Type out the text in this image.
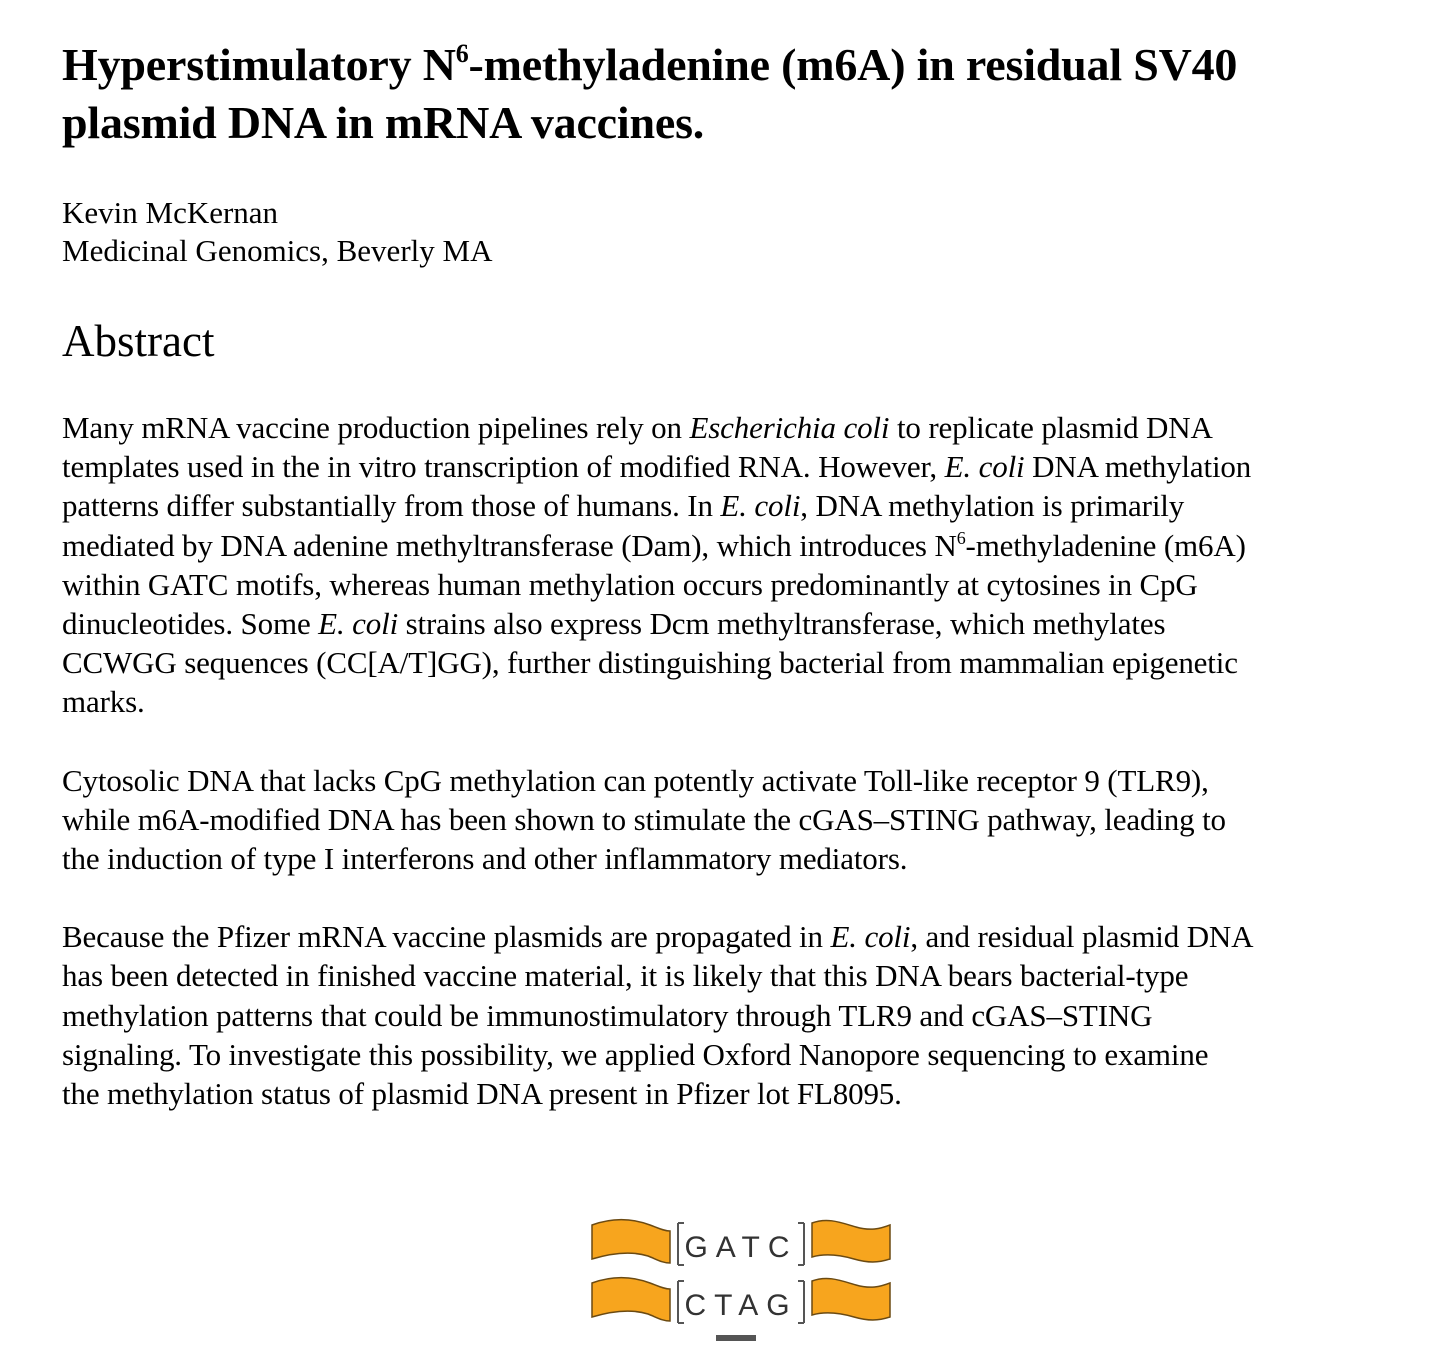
Hyperstimulatory $N^6$-methyladenine (m6A) in residual SV40
plasmid DNA in mRNA vaccines.
Kevin McKernan
Medicinal Genomics, Beverly MA
Abstract

Many mRNA vaccine production pipelines rely on Escherichia coli to replicate plasmid DNA
templates used in the in vitro transcription of modified RNA. However, E. coli DNA methylation
patterns differ substantially from those of humans. In E. coli, DNA methylation is primarily
mediated by DNA adenine methyltransferase (Dam), which introduces $N^6$-methyladenine (m6A)
within GATC motifs, whereas human methylation occurs predominantly at cytosines in CpG
dinucleotides. Some E. coli strains also express Dcm methyltransferase, which methylates
CCWGG sequences (CC[A/T]GG), further distinguishing bacterial from mammalian epigenetic
marks.

Cytosolic DNA that lacks CpG methylation can potently activate Toll-like receptor 9 (TLR9),
while m6A-modified DNA has been shown to stimulate the cGAS–STING pathway, leading to
the induction of type I interferons and other inflammatory mediators.

Because the Pfizer mRNA vaccine plasmids are propagated in E. coli, and residual plasmid DNA
has been detected in finished vaccine material, it is likely that this DNA bears bacterial-type
methylation patterns that could be immunostimulatory through TLR9 and cGAS–STING
signaling. To investigate this possibility, we applied Oxford Nanopore sequencing to examine
the methylation status of plasmid DNA present in Pfizer lot FL8095.

GATC
CTAG
